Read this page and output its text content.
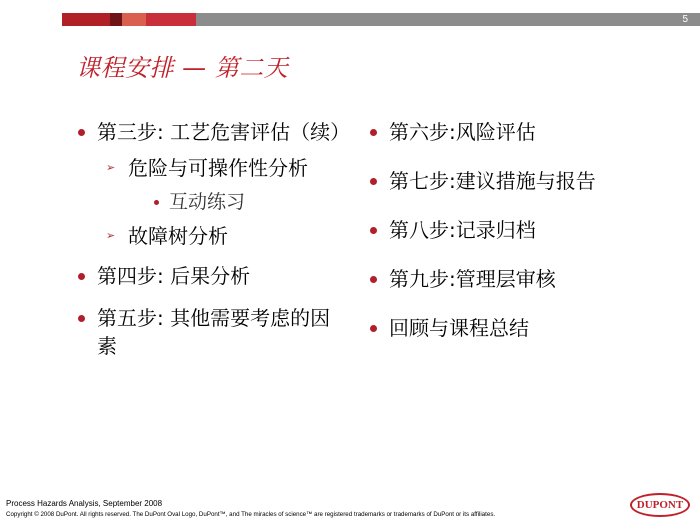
5
课程安排 — 第二天
第三步: 工艺危害评估（续）
➢ 危险与可操作性分析
互动练习
➢ 故障树分析
第四步: 后果分析
第五步: 其他需要考虑的因素
第六步:风险评估
第七步:建议措施与报告
第八步:记录归档
第九步:管理层审核
回顾与课程总结
Process Hazards Analysis, September 2008
Copyright © 2008 DuPont. All rights reserved. The DuPont Oval Logo, DuPont™, and The miracles of science™ are registered trademarks or trademarks of DuPont or its affiliates.
DUPONT
